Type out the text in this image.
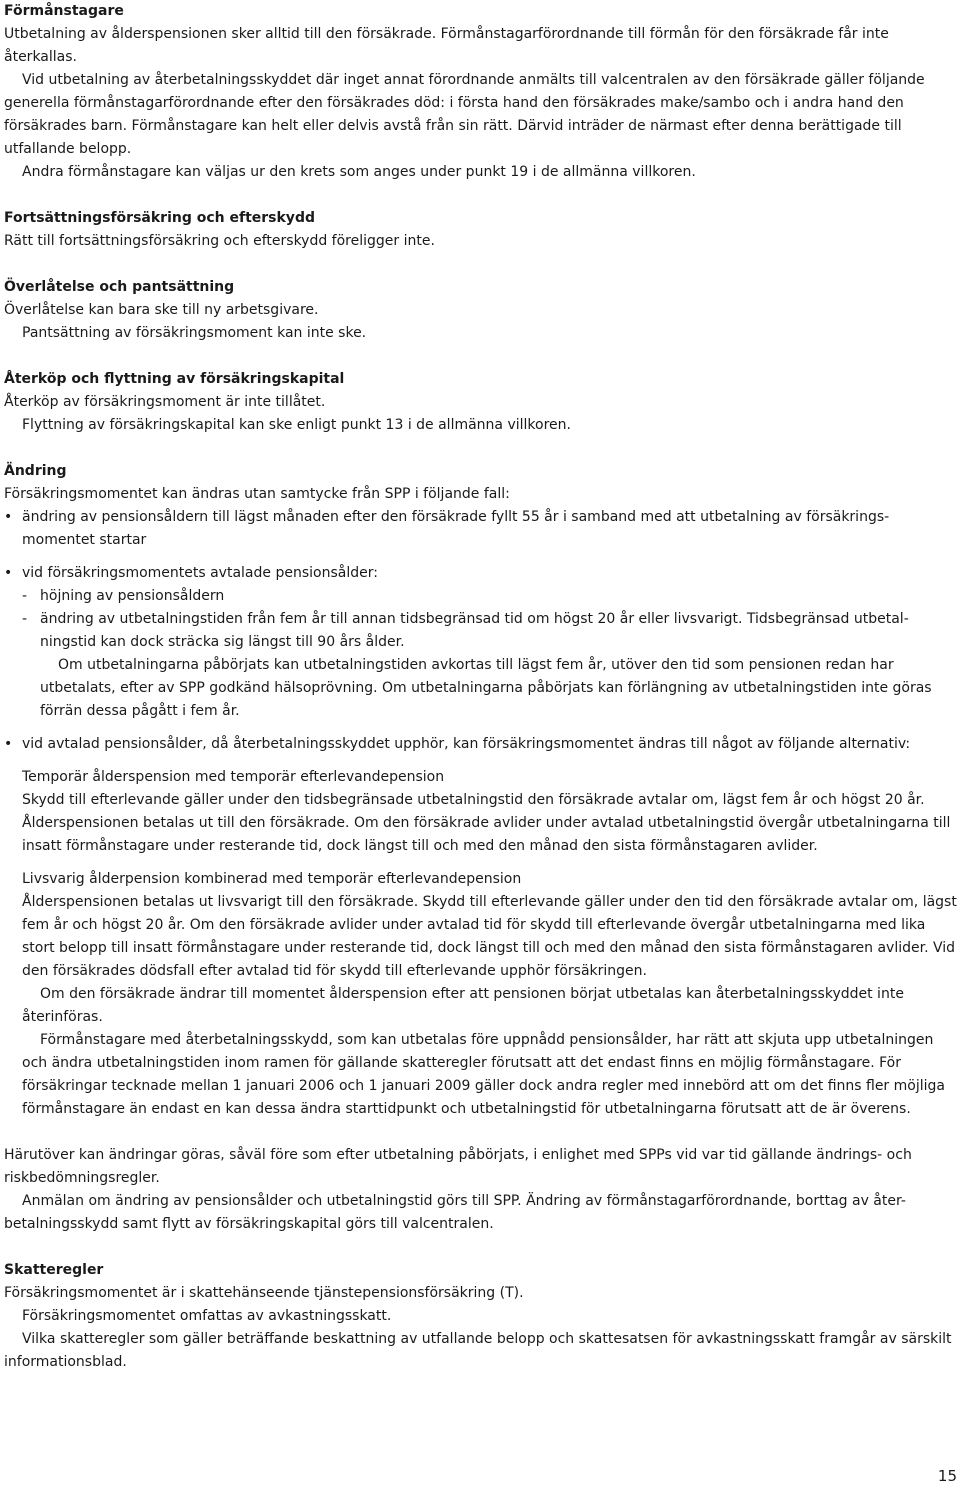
Förmånstagare

Utbetalning av ålderspensionen sker alltid till den försäkrade. Förmånstagarförordnande till förmån för den försäkrade får inte återkallas.

Vid utbetalning av återbetalningsskyddet där inget annat förordnande anmälts till valcentralen av den försäkrade gäller följande generella förmånstagarförordnande efter den försäkrades död: i första hand den försäkrades make/sambo och i andra hand den försäkrades barn. Förmånstagare kan helt eller delvis avstå från sin rätt. Därvid inträder de närmast efter denna berättigade till utfallande belopp.

Andra förmånstagare kan väljas ur den krets som anges under punkt 19 i de allmänna villkoren.

Fortsättningsförsäkring och efterskydd

Rätt till fortsättningsförsäkring och efterskydd föreligger inte.

Överlåtelse och pantsättning

Överlåtelse kan bara ske till ny arbetsgivare.

Pantsättning av försäkringsmoment kan inte ske.

Återköp och flyttning av försäkringskapital

Återköp av försäkringsmoment är inte tillåtet.

Flyttning av försäkringskapital kan ske enligt punkt 13 i de allmänna villkoren.

Ändring

Försäkringsmomentet kan ändras utan samtycke från SPP i följande fall:

• ändring av pensionsåldern till lägst månaden efter den försäkrade fyllt 55 år i samband med att utbetalning av försäkrings-momentet startar

• vid försäkringsmomentets avtalade pensionsålder:

- höjning av pensionsåldern

- ändring av utbetalningstiden från fem år till annan tidsbegränsad tid om högst 20 år eller livsvarigt. Tidsbegränsad utbetal-ningstid kan dock sträcka sig längst till 90 års ålder.

Om utbetalningarna påbörjats kan utbetalningstiden avkortas till lägst fem år, utöver den tid som pensionen redan har utbetalats, efter av SPP godkänd hälsoprövning. Om utbetalningarna påbörjats kan förlängning av utbetalningstiden inte göras förrän dessa pågått i fem år.

• vid avtalad pensionsålder, då återbetalningsskyddet upphör, kan försäkringsmomentet ändras till något av följande alternativ:

Temporär ålderspension med temporär efterlevandepension

Skydd till efterlevande gäller under den tidsbegränsade utbetalningstid den försäkrade avtalar om, lägst fem år och högst 20 år. Ålderspensionen betalas ut till den försäkrade. Om den försäkrade avlider under avtalad utbetalningstid övergår utbetalningarna till insatt förmånstagare under resterande tid, dock längst till och med den månad den sista förmånstagaren avlider.

Livsvarig ålderpension kombinerad med temporär efterlevandepension

Ålderspensionen betalas ut livsvarigt till den försäkrade. Skydd till efterlevande gäller under den tid den försäkrade avtalar om, lägst fem år och högst 20 år. Om den försäkrade avlider under avtalad tid för skydd till efterlevande övergår utbetalningarna med lika stort belopp till insatt förmånstagare under resterande tid, dock längst till och med den månad den sista förmånstagaren avlider. Vid den försäkrades dödsfall efter avtalad tid för skydd till efterlevande upphör försäkringen.

Om den försäkrade ändrar till momentet ålderspension efter att pensionen börjat utbetalas kan återbetalningsskyddet inte återinföras.

Förmånstagare med återbetalningsskydd, som kan utbetalas före uppnådd pensionsålder, har rätt att skjuta upp utbetalningen och ändra utbetalningstiden inom ramen för gällande skatteregler förutsatt att det endast finns en möjlig förmånstagare. För försäkringar tecknade mellan 1 januari 2006 och 1 januari 2009 gäller dock andra regler med innebörd att om det finns fler möjliga förmånstagare än endast en kan dessa ändra starttidpunkt och utbetalningstid för utbetalningarna förutsatt att de är överens.

Härutöver kan ändringar göras, såväl före som efter utbetalning påbörjats, i enlighet med SPPs vid var tid gällande ändrings- och riskbedömningsregler.

Anmälan om ändring av pensionsålder och utbetalningstid görs till SPP. Ändring av förmånstagarförordnande, borttag av åter-betalningsskydd samt flytt av försäkringskapital görs till valcentralen.

Skatteregler

Försäkringsmomentet är i skattehänseende tjänstepensionsförsäkring (T).

Försäkringsmomentet omfattas av avkastningsskatt.

Vilka skatteregler som gäller beträffande beskattning av utfallande belopp och skattesatsen för avkastningsskatt framgår av särskilt informationsblad.

15
